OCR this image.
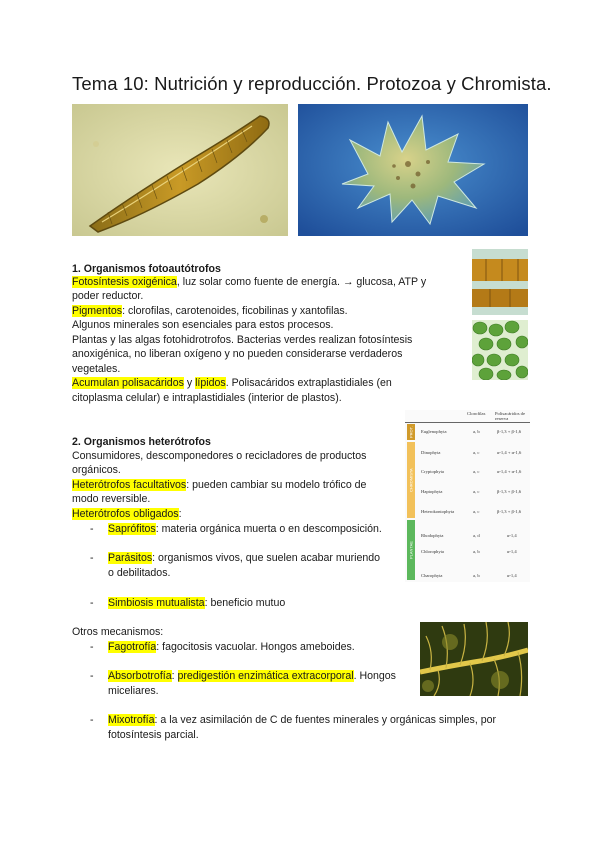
Tema 10: Nutrición y reproducción. Protozoa y Chromista.
1. Organismos fotoautótrofos
Fotosíntesis oxigénica, luz solar como fuente de energía. → glucosa, ATP y
poder reductor.
Pigmentos: clorofilas, carotenoides, ficobilinas y xantofilas.
Algunos minerales son esenciales para estos procesos.
Plantas y las algas fotohidrotrofos. Bacterias verdes realizan fotosíntesis
anoxigénica, no liberan oxígeno y no pueden considerarse verdaderos
vegetales.
Acumulan polisacáridos y lípidos. Polisacáridos extraplastidiales (en
citoplasma celular) e intraplastidiales (interior de plastos).
Clorofilas Polisacáridos de reserva
PROT.
CHROMISTA
PLANTAE
Euglenophyta	a, b	β-1,3 + β-1,6
Dinophyta	a, c	α-1,4 + α-1,6
Cryptophyta	a, c	α-1,4 + α-1,6
Haptophyta	a, c	β-1,3 + β-1,6
Heterokontophyta	a, c	β-1,3 + β-1,6
Rhodophyta	a, d	α-1,4
Chlorophyta	a, b	α-1,4
Charophyta	a, b	α-1,4
2. Organismos heterótrofos
Consumidores, descomponedores o recicladores de productos
orgánicos.
Heterótrofos facultativos: pueden cambiar su modelo trófico de
modo reversible.
Heterótrofos obligados:
- Saprófitos: materia orgánica muerta o en descomposición.
- Parásitos: organismos vivos, que suelen acabar muriendo
o debilitados.
- Simbiosis mutualista: beneficio mutuo
Otros mecanismos:
- Fagotrofía: fagocitosis vacuolar. Hongos ameboides.
- Absorbotrofía: predigestión enzimática extracorporal. Hongos
miceliares.
- Mixotrofía: a la vez asimilación de C de fuentes minerales y orgánicas simples, por
fotosíntesis parcial.
